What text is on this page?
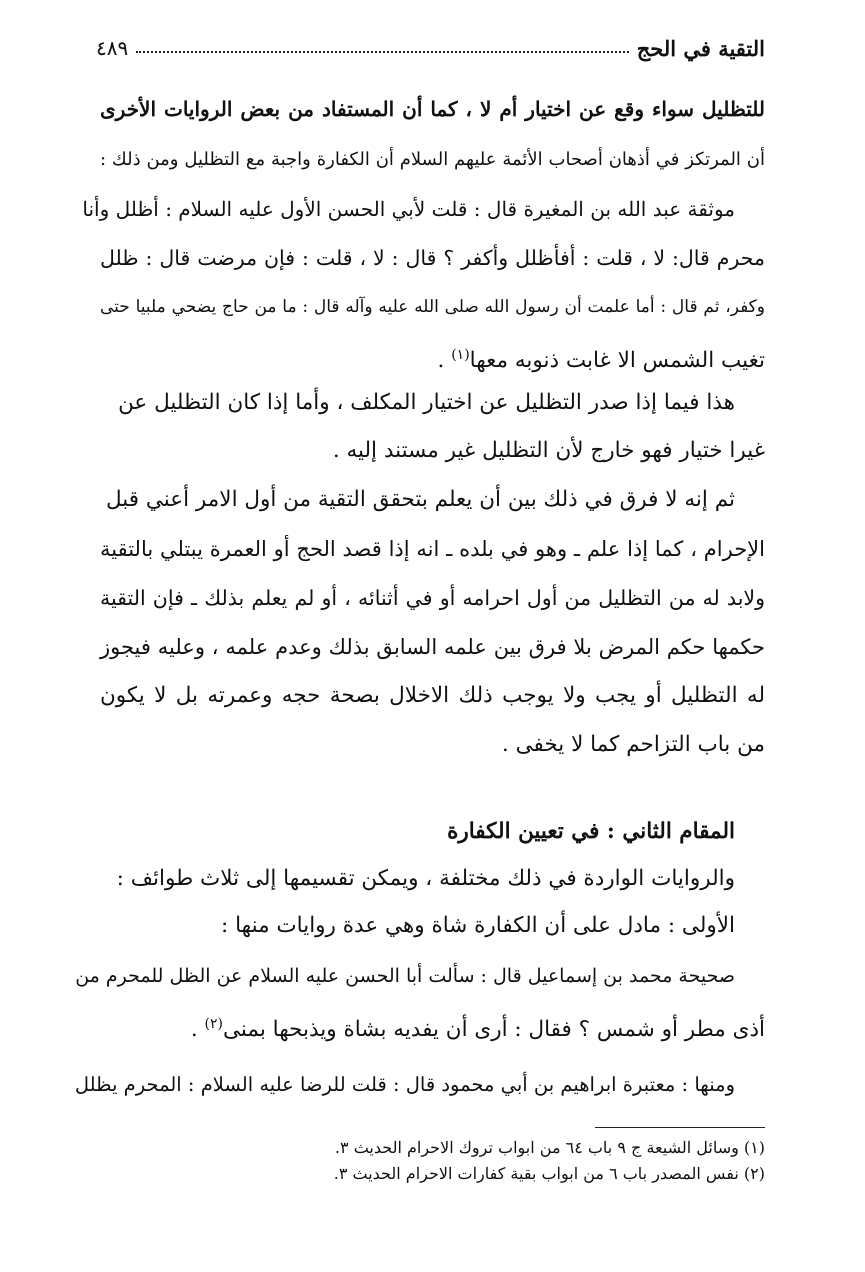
التقية في الحج
٤٨٩
للتظليل سواء وقع عن اختيار أم لا ، كما أن المستفاد من بعض الروايات الأخرى
أن المرتكز في أذهان أصحاب الأئمة عليهم السلام أن الكفارة واجبة مع التظليل ومن ذلك :
موثقة عبد الله بن المغيرة قال : قلت لأبي الحسن الأول عليه السلام : أظلل وأنا
محرم قال: لا ، قلت : أفأظلل وأكفر ؟ قال : لا ، قلت : فإن مرضت قال : ظلل
وكفر، ثم قال : أما علمت أن رسول الله صلى الله عليه وآله قال : ما من حاج يضحي ملبيا حتى
تغيب الشمس الا غابت ذنوبه معها$^{(١)}$ .
هذا فيما إذا صدر التظليل عن اختيار المكلف ، وأما إذا كان التظليل عن
غيرا ختيار فهو خارج لأن التظليل غير مستند إليه .
ثم إنه لا فرق في ذلك بين أن يعلم بتحقق التقية من أول الامر أعني قبل
الإحرام ، كما إذا علم ـ وهو في بلده ـ انه إذا قصد الحج أو العمرة يبتلي بالتقية
ولابد له من التظليل من أول احرامه أو في أثنائه ، أو لم يعلم بذلك ـ فإن التقية
حكمها حكم المرض بلا فرق بين علمه السابق بذلك وعدم علمه ، وعليه فيجوز
له التظليل أو يجب ولا يوجب ذلك الاخلال بصحة حجه وعمرته بل لا يكون
من باب التزاحم كما لا يخفى .
المقام الثاني : في تعيين الكفارة
والروايات الواردة في ذلك مختلفة ، ويمكن تقسيمها إلى ثلاث طوائف :
الأولى : مادل على أن الكفارة شاة وهي عدة روايات منها :
صحيحة محمد بن إسماعيل قال : سألت أبا الحسن عليه السلام عن الظل للمحرم من
أذى مطر أو شمس ؟ فقال : أرى أن يفديه بشاة ويذبحها بمنى$^{(٢)}$ .
ومنها : معتبرة ابراهيم بن أبي محمود قال : قلت للرضا عليه السلام : المحرم يظلل
(١) وسائل الشيعة ج ٩ باب ٦٤ من ابواب تروك الاحرام الحديث ٣.
(٢) نفس المصدر باب ٦ من ابواب بقية كفارات الاحرام الحديث ٣.
